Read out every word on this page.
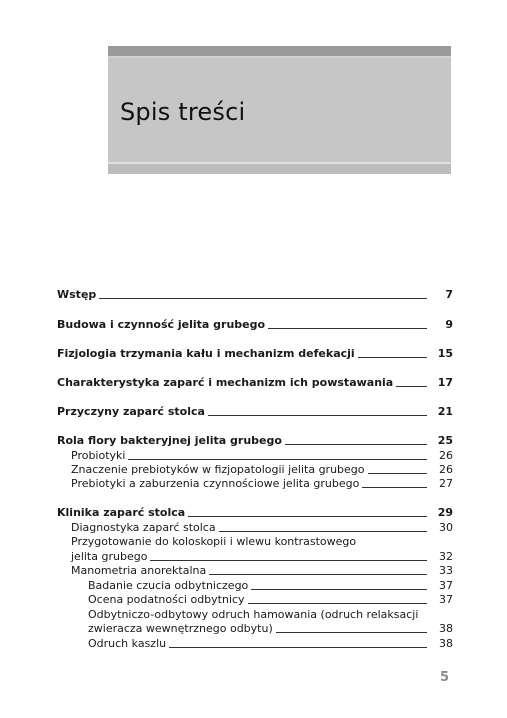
Spis treści
Wstęp	7
Budowa i czynność jelita grubego	9
Fizjologia trzymania kału i mechanizm defekacji	15
Charakterystyka zaparć i mechanizm ich powstawania	17
Przyczyny zaparć stolca	21
Rola flory bakteryjnej jelita grubego	25
Probiotyki	26
Znaczenie prebiotyków w fizjopatologii jelita grubego	26
Prebiotyki a zaburzenia czynnościowe jelita grubego	27
Klinika zaparć stolca	29
Diagnostyka zaparć stolca	30
Przygotowanie do koloskopii i wlewu kontrastowego
jelita grubego	32
Manometria anorektalna	33
Badanie czucia odbytniczego	37
Ocena podatności odbytnicy	37
Odbytniczo-odbytowy odruch hamowania (odruch relaksacji
zwieracza wewnętrznego odbytu)	38
Odruch kaszlu	38
5
